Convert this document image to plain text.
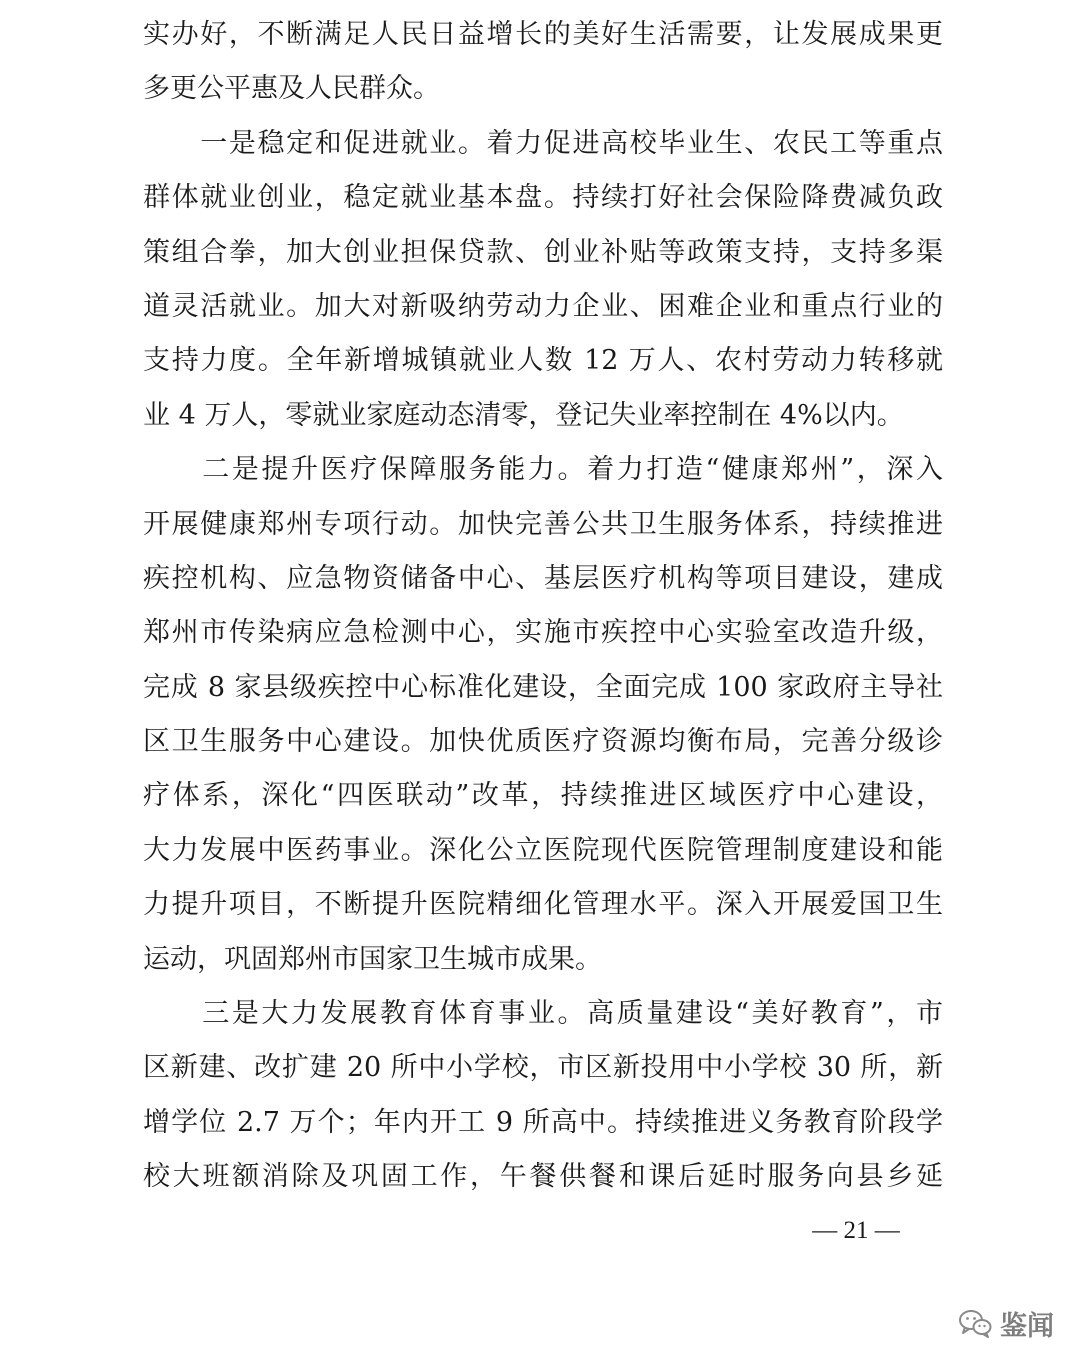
实办好，不断满足人民日益增长的美好生活需要，让发展成果更
多更公平惠及人民群众。
　　一是稳定和促进就业。着力促进高校毕业生、农民工等重点
群体就业创业，稳定就业基本盘。持续打好社会保险降费减负政
策组合拳，加大创业担保贷款、创业补贴等政策支持，支持多渠
道灵活就业。加大对新吸纳劳动力企业、困难企业和重点行业的
支持力度。全年新增城镇就业人数 12 万人、农村劳动力转移就
业 4 万人，零就业家庭动态清零，登记失业率控制在 4%以内。
　　二是提升医疗保障服务能力。着力打造“健康郑州”，深入
开展健康郑州专项行动。加快完善公共卫生服务体系，持续推进
疾控机构、应急物资储备中心、基层医疗机构等项目建设，建成
郑州市传染病应急检测中心，实施市疾控中心实验室改造升级，
完成 8 家县级疾控中心标准化建设，全面完成 100 家政府主导社
区卫生服务中心建设。加快优质医疗资源均衡布局，完善分级诊
疗体系，深化“四医联动”改革，持续推进区域医疗中心建设，
大力发展中医药事业。深化公立医院现代医院管理制度建设和能
力提升项目，不断提升医院精细化管理水平。深入开展爱国卫生
运动，巩固郑州市国家卫生城市成果。
　　三是大力发展教育体育事业。高质量建设“美好教育”，市
区新建、改扩建 20 所中小学校，市区新投用中小学校 30 所，新
增学位 2.7 万个；年内开工 9 所高中。持续推进义务教育阶段学
校大班额消除及巩固工作，午餐供餐和课后延时服务向县乡延
— 21 —
鉴闻
